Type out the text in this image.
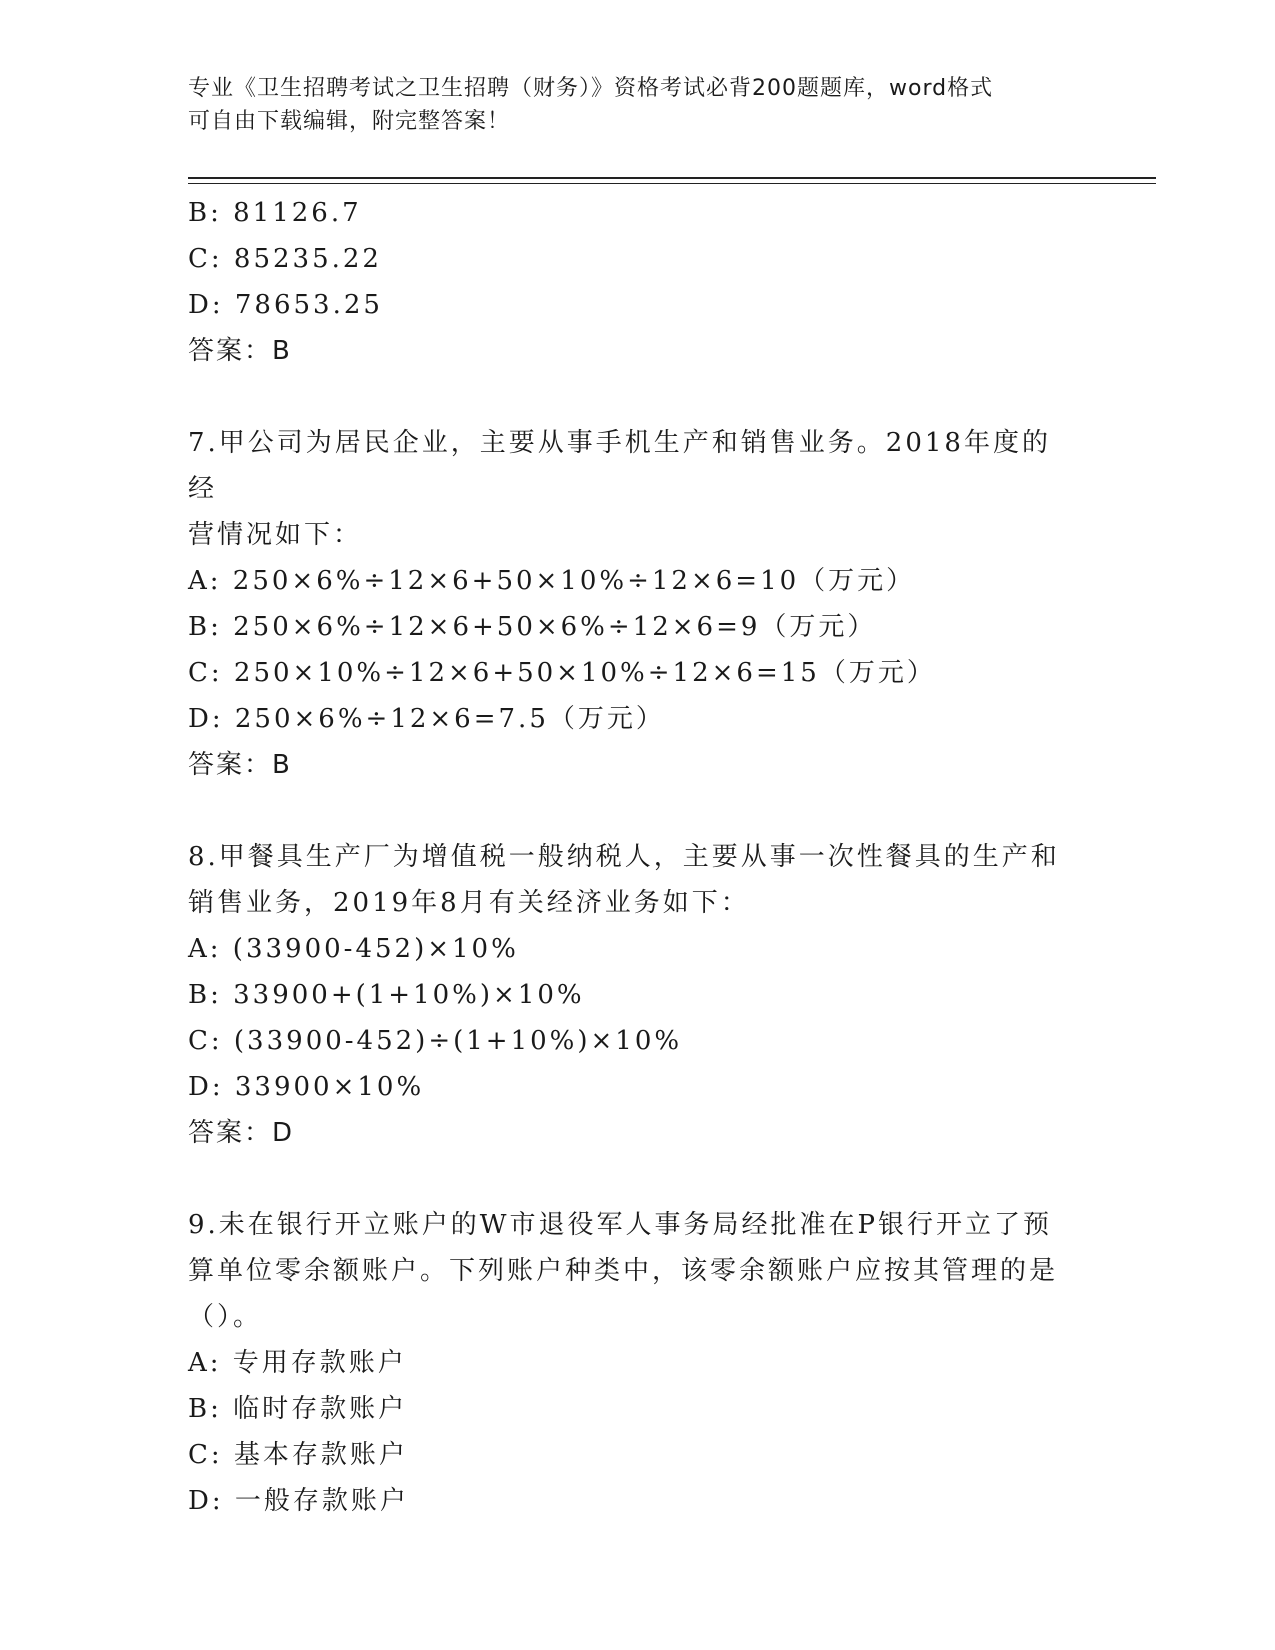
专业《卫生招聘考试之卫生招聘（财务）》资格考试必背200题题库，word格式
可自由下载编辑，附完整答案！
B: 81126.7
C: 85235.22
D: 78653.25
答案：B
7.甲公司为居民企业，主要从事手机生产和销售业务。2018年度的经
营情况如下：
A: 250×6%÷12×6+50×10%÷12×6=10（万元）
B: 250×6%÷12×6+50×6%÷12×6=9（万元）
C: 250×10%÷12×6+50×10%÷12×6=15（万元）
D: 250×6%÷12×6=7.5（万元）
答案：B
8.甲餐具生产厂为增值税一般纳税人，主要从事一次性餐具的生产和
销售业务，2019年8月有关经济业务如下：
A: (33900-452)×10%
B: 33900+(1+10%)×10%
C: (33900-452)÷(1+10%)×10%
D: 33900×10%
答案：D
9.未在银行开立账户的W市退役军人事务局经批准在P银行开立了预
算单位零余额账户。下列账户种类中，该零余额账户应按其管理的是
（）。
A: 专用存款账户
B: 临时存款账户
C: 基本存款账户
D: 一般存款账户
